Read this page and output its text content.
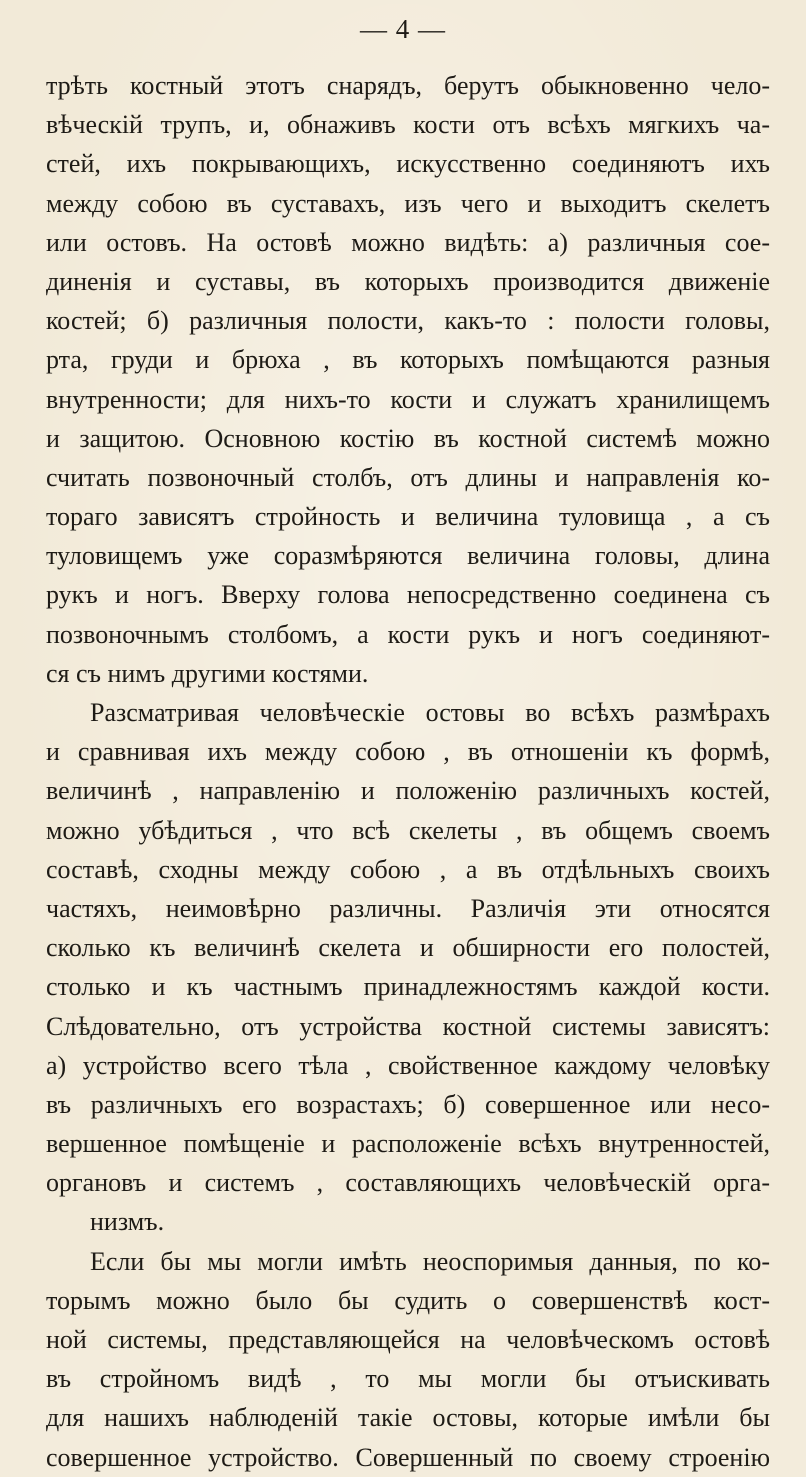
— 4 —
трѣть костный этотъ снарядъ, берутъ обыкновенно чело-
вѣческій трупъ, и, обнаживъ кости отъ всѣхъ мягкихъ ча-
стей, ихъ покрывающихъ, искусственно соединяютъ ихъ
между собою въ суставахъ, изъ чего и выходитъ скелетъ
или остовъ. На остовѣ можно видѣть: а) различныя сое-
диненія и суставы, въ которыхъ производится движеніе
костей; б) различныя полости, какъ-то : полости головы,
рта, груди и брюха , въ которыхъ помѣщаются разныя
внутренности; для нихъ-то кости и служатъ хранилищемъ
и защитою. Основною костію въ костной системѣ можно
считать позвоночный столбъ, отъ длины и направленія ко-
тораго зависятъ стройность и величина туловища , а съ
туловищемъ уже соразмѣряются величина головы, длина
рукъ и ногъ. Вверху голова непосредственно соединена съ
позвоночнымъ столбомъ, а кости рукъ и ногъ соединяют-
ся съ нимъ другими костями.
Разсматривая человѣческіе остовы во всѣхъ размѣрахъ
и сравнивая ихъ между собою , въ отношеніи къ формѣ,
величинѣ , направленію и положенію различныхъ костей,
можно убѣдиться , что всѣ скелеты , въ общемъ своемъ
составѣ, сходны между собою , а въ отдѣльныхъ своихъ
частяхъ, неимовѣрно различны. Различія эти относятся
сколько къ величинѣ скелета и обширности его полостей,
столько и къ частнымъ принадлежностямъ каждой кости.
Слѣдовательно, отъ устройства костной системы зависятъ:
а) устройство всего тѣла , свойственное каждому человѣку
въ различныхъ его возрастахъ; б) совершенное или несо-
вершенное помѣщеніе и расположеніе всѣхъ внутренностей,
органовъ и системъ , составляющихъ человѣческій орга-
низмъ.
Если бы мы могли имѣть неоспоримыя данныя, по ко-
торымъ можно было бы судить о совершенствѣ кост-
ной системы, представляющейся на человѣческомъ остовѣ
въ стройномъ видѣ , то мы могли бы отъискивать
для нашихъ наблюденій такіе остовы, которые имѣли бы
совершенное устройство. Совершенный по своему строенію
